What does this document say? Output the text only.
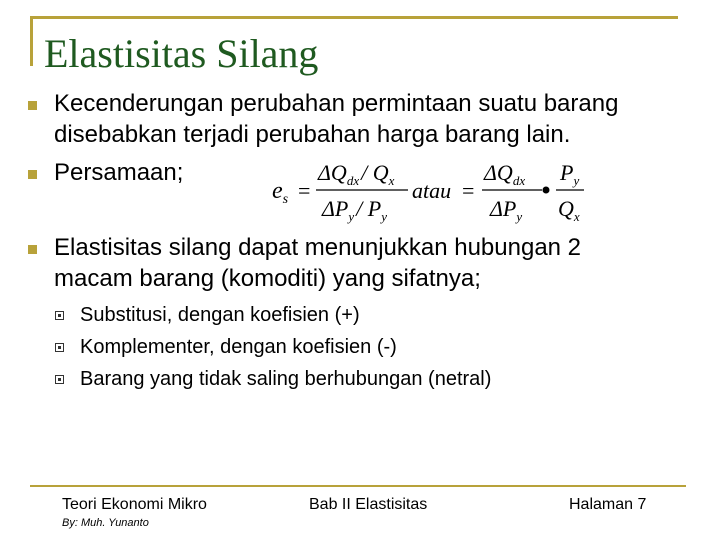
Elastisitas Silang
Kecenderungan perubahan permintaan suatu barang disebabkan terjadi perubahan harga barang lain.
Persamaan;
$e_s$ =
$\Delta Q_{dx}/$ $Q_x$
$\Delta P_y/$ $P_y$
atau =
$\Delta Q_{dx}$
$\Delta P_y$
$P_y$
$Q_x$
Elastisitas silang dapat menunjukkan hubungan 2 macam barang (komoditi) yang sifatnya;
Substitusi, dengan koefisien (+)
Komplementer, dengan koefisien (-)
Barang yang tidak saling berhubungan (netral)
Teori Ekonomi Mikro	Bab II Elastisitas	Halaman 7
By: Muh. Yunanto
